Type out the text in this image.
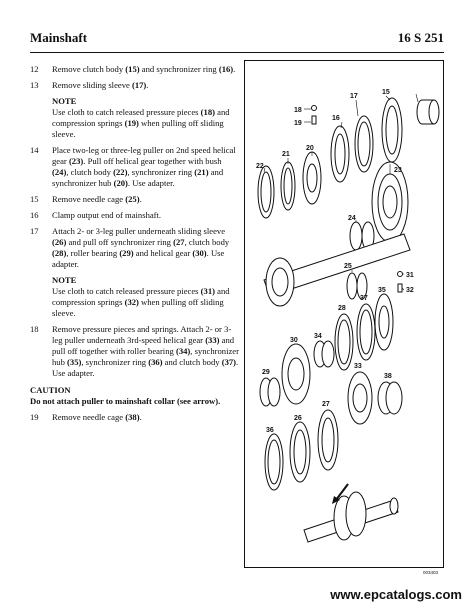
Mainshaft	16 S 251
12 Remove clutch body (15) and synchronizer ring (16).
13 Remove sliding sleeve (17).
NOTE
Use cloth to catch released pressure pieces (18) and compression springs (19) when pulling off sliding sleeve.
14 Place two-leg or three-leg puller on 2nd speed helical gear (23). Pull off helical gear together with bush (24), clutch body (22), synchronizer ring (21) and synchronizer hub (20). Use adapter.
15 Remove needle cage (25).
16 Clamp output end of mainshaft.
17 Attach 2- or 3-leg puller underneath sliding sleeve (26) and pull off synchronizer ring (27, clutch body (28), roller bearing (29) and helical gear (30). Use adapter.
NOTE
Use cloth to catch released pressure pieces (31) and compression springs (32) when pulling off sliding sleeve.
18 Remove pressure pieces and springs. Attach 2- or 3-leg puller underneath 3rd-speed helical gear (33) and pull off together with roller bearing (34), synchronizer hub (35), synchronizer ring (36) and clutch body (37). Use adapter.
CAUTION
Do not attach puller to mainshaft collar (see arrow).
19 Remove needle cage (38).
18
19
17
16
15
22
21
20
23
24
25
31
32
35
37
28
34
30
29
33
38
36
26
27
003403
www.epcatalogs.com
